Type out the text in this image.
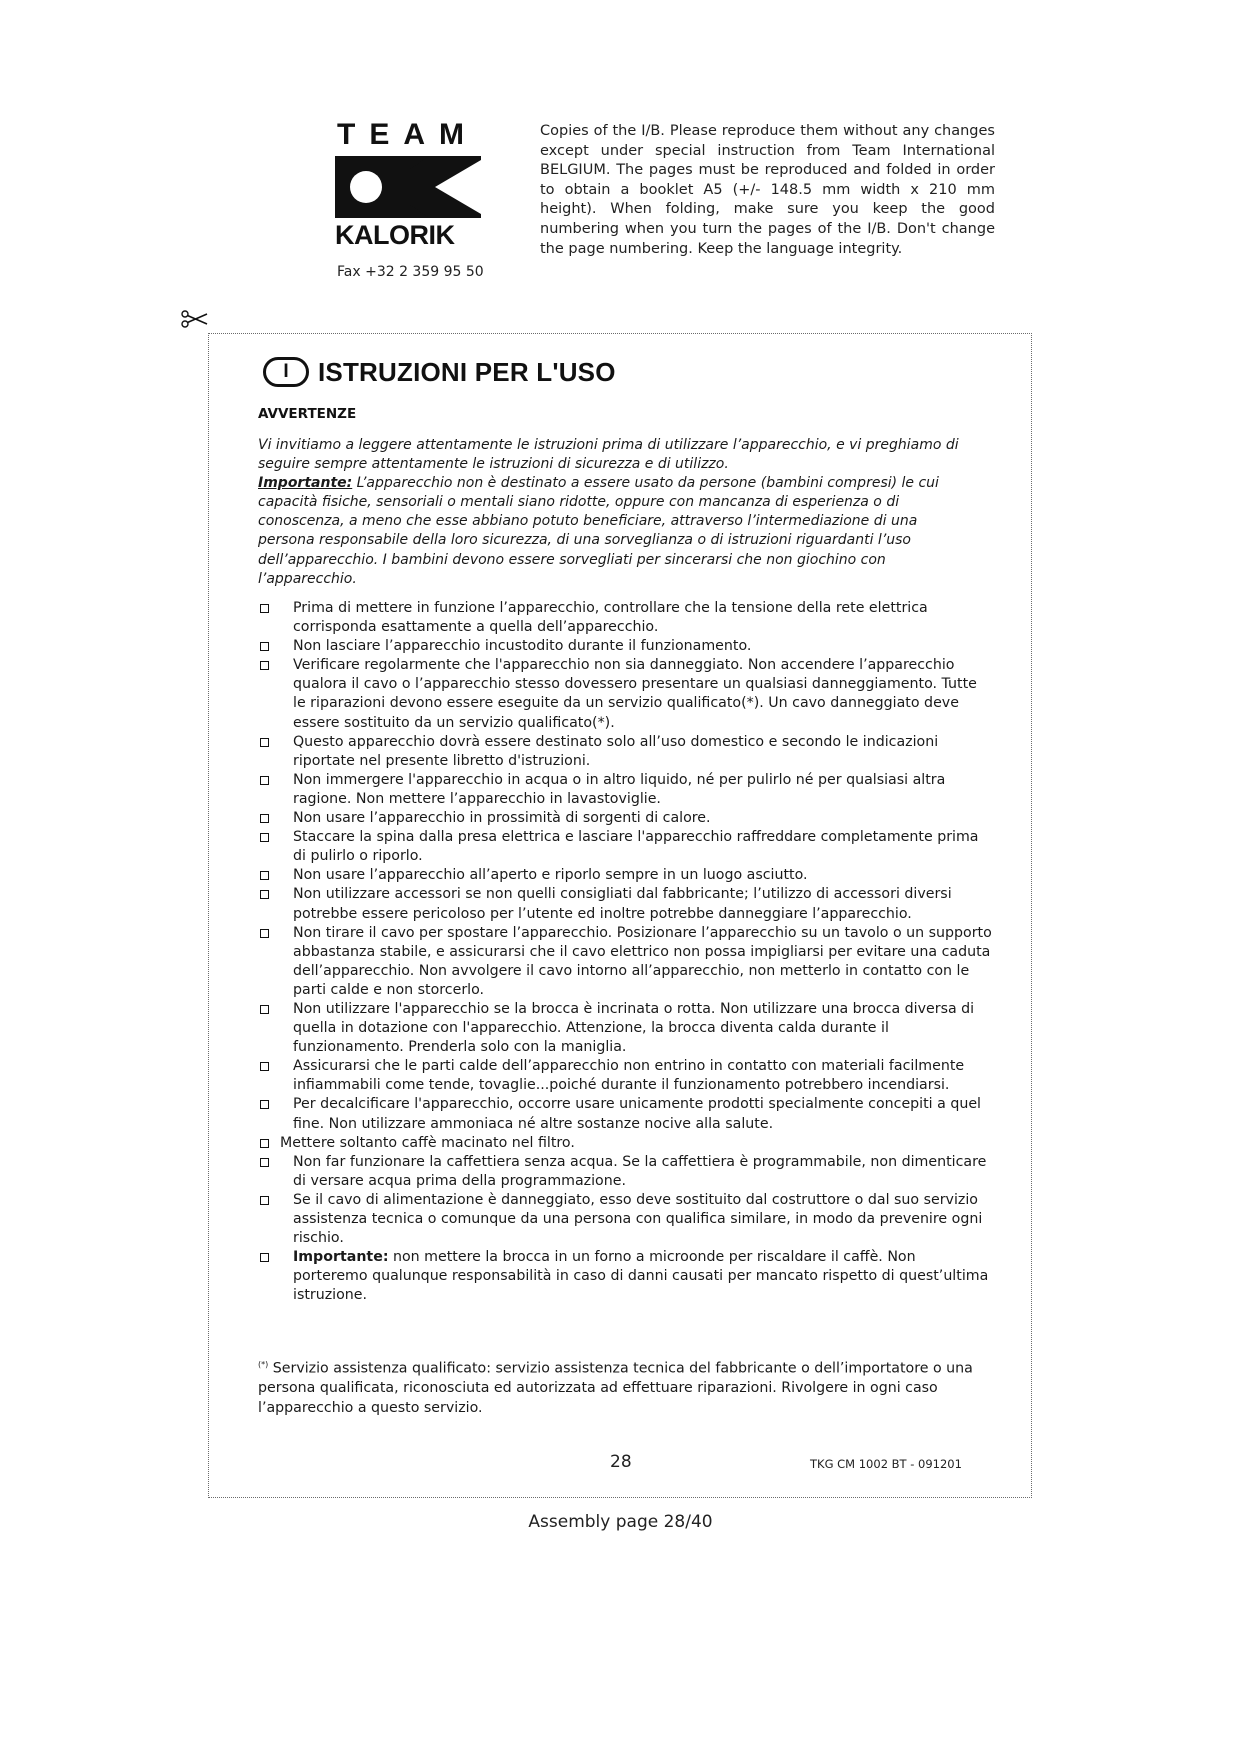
TEAM
KALORIK
Fax +32 2 359 95 50
Copies of the I/B. Please reproduce them without any changes except under special instruction from Team International BELGIUM. The pages must be reproduced and folded in order to obtain a booklet A5 (+/- 148.5 mm width x 210 mm height). When folding, make sure you keep the good numbering when you turn the pages of the I/B. Don't change the page numbering. Keep the language integrity.
I	ISTRUZIONI PER L'USO
AVVERTENZE
Vi invitiamo a leggere attentamente le istruzioni prima di utilizzare l’apparecchio, e vi preghiamo di seguire sempre attentamente le istruzioni di sicurezza e di utilizzo.
Importante: L’apparecchio non è destinato a essere usato da persone (bambini compresi) le cui capacità fisiche, sensoriali o mentali siano ridotte, oppure con mancanza di esperienza o di conoscenza, a meno che esse abbiano potuto beneficiare, attraverso l’intermediazione di una persona responsabile della loro sicurezza, di una sorveglianza o di istruzioni riguardanti l’uso dell’apparecchio. I bambini devono essere sorvegliati per sincerarsi che non giochino con l’apparecchio.
Prima di mettere in funzione l’apparecchio, controllare che la tensione della rete elettrica corrisponda esattamente a quella dell’apparecchio.
Non lasciare l’apparecchio incustodito durante il funzionamento.
Verificare regolarmente che l'apparecchio non sia danneggiato. Non accendere l’apparecchio qualora il cavo o l’apparecchio stesso dovessero presentare un qualsiasi danneggiamento. Tutte le riparazioni devono essere eseguite da un servizio qualificato(*). Un cavo danneggiato deve essere sostituito da un servizio qualificato(*).
Questo apparecchio dovrà essere destinato solo all’uso domestico e secondo le indicazioni riportate nel presente libretto d'istruzioni.
Non immergere l'apparecchio in acqua o in altro liquido, né per pulirlo né per qualsiasi altra ragione. Non mettere l’apparecchio in lavastoviglie.
Non usare l’apparecchio in prossimità di sorgenti di calore.
Staccare la spina dalla presa elettrica e lasciare l'apparecchio raffreddare completamente prima di pulirlo o riporlo.
Non usare l’apparecchio all’aperto e riporlo sempre in un luogo asciutto.
Non utilizzare accessori se non quelli consigliati dal fabbricante; l’utilizzo di accessori diversi potrebbe essere pericoloso per l’utente ed inoltre potrebbe danneggiare l’apparecchio.
Non tirare il cavo per spostare l’apparecchio. Posizionare l’apparecchio su un tavolo o un supporto abbastanza stabile, e assicurarsi che il cavo elettrico non possa impigliarsi per evitare una caduta dell’apparecchio. Non avvolgere il cavo intorno all’apparecchio, non metterlo in contatto con le parti calde e non storcerlo.
Non utilizzare l'apparecchio se la brocca è incrinata o rotta. Non utilizzare una brocca diversa di quella in dotazione con l'apparecchio. Attenzione, la brocca diventa calda durante il funzionamento. Prenderla solo con la maniglia.
Assicurarsi che le parti calde dell’apparecchio non entrino in contatto con materiali facilmente infiammabili come tende, tovaglie...poiché durante il funzionamento potrebbero incendiarsi.
Per decalcificare l'apparecchio, occorre usare unicamente prodotti specialmente concepiti a quel fine. Non utilizzare ammoniaca né altre sostanze nocive alla salute.
Mettere soltanto caffè macinato nel filtro.
Non far funzionare la caffettiera senza acqua. Se la caffettiera è programmabile, non dimenticare di versare acqua prima della programmazione.
Se il cavo di alimentazione è danneggiato, esso deve sostituito dal costruttore o dal suo servizio assistenza tecnica o comunque da una persona con qualifica similare, in modo da prevenire ogni rischio.
Importante: non mettere la brocca in un forno a microonde per riscaldare il caffè. Non porteremo qualunque responsabilità in caso di danni causati per mancato rispetto di quest’ultima istruzione.
(*) Servizio assistenza qualificato: servizio assistenza tecnica del fabbricante o dell’importatore o una persona qualificata, riconosciuta ed autorizzata ad effettuare riparazioni. Rivolgere in ogni caso l’apparecchio a questo servizio.
28	TKG CM 1002 BT - 091201
Assembly page 28/40
